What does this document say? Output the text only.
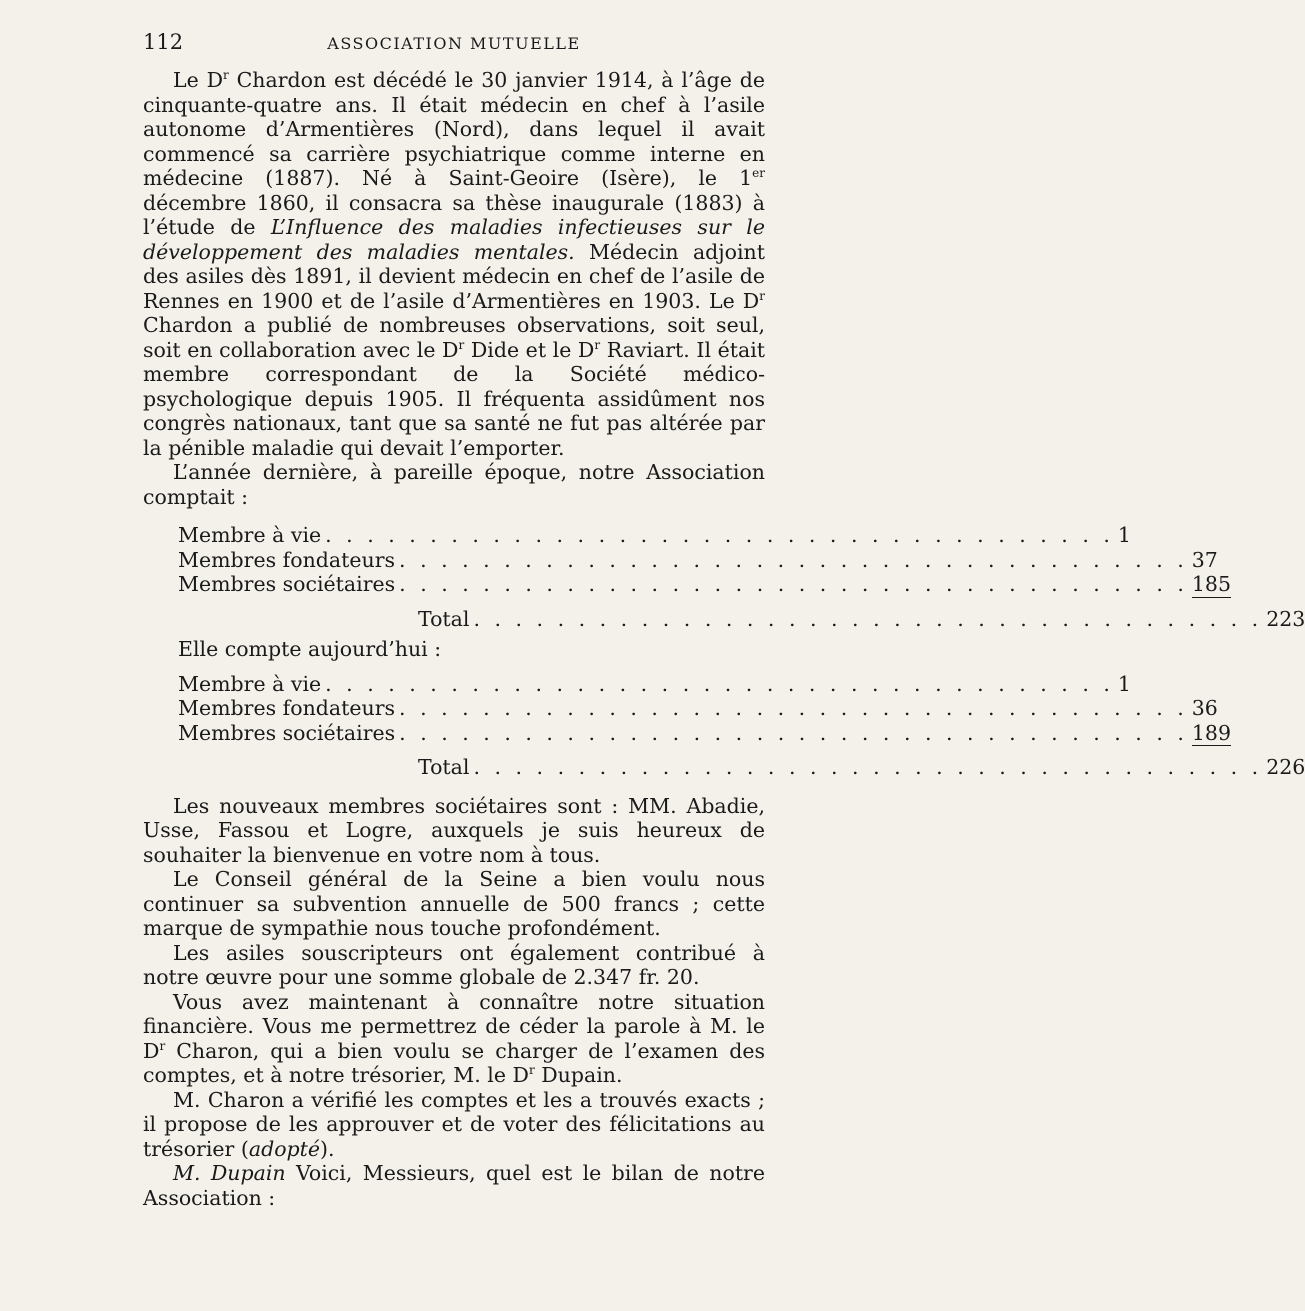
112	ASSOCIATION MUTUELLE

Le $D^r$ Chardon est décédé le 30 janvier 1914, à l’âge de cinquante-quatre ans. Il était médecin en chef à l’asile autonome d’Armentières (Nord), dans lequel il avait commencé sa carrière psychiatrique comme interne en médecine (1887). Né à Saint-Geoire (Isère), le 1er décembre 1860, il consacra sa thèse inaugurale (1883) à l’étude de L’Influence des maladies infectieuses sur le développement des maladies mentales. Médecin adjoint des asiles dès 1891, il devient médecin en chef de l’asile de Rennes en 1900 et de l’asile d’Armentières en 1903. Le $D^r$ Chardon a publié de nombreuses observations, soit seul, soit en collaboration avec le $D^r$ Dide et le $D^r$ Raviart. Il était membre correspondant de la Société médico-psychologique depuis 1905. Il fréquenta assidûment nos congrès nationaux, tant que sa santé ne fut pas altérée par la pénible maladie qui devait l’emporter.

L’année dernière, à pareille époque, notre Association comptait :

Membre à vie . . . . . . . . . . . . . . . . . . . . . . . . . . . . . . . . . . . . . . 1
Membres fondateurs . . . . . . . . . . . . . . . . . . . . . . . . . . . . . . . . . . . . . . 37
Membres sociétaires . . . . . . . . . . . . . . . . . . . . . . . . . . . . . . . . . . . . . . 185
Total . . . . . . . . . . . . . . . . . . . . . . . . . . . . . . . . . . . . . . 223
Elle compte aujourd’hui :
Membre à vie . . . . . . . . . . . . . . . . . . . . . . . . . . . . . . . . . . . . . . 1
Membres fondateurs . . . . . . . . . . . . . . . . . . . . . . . . . . . . . . . . . . . . . . 36
Membres sociétaires . . . . . . . . . . . . . . . . . . . . . . . . . . . . . . . . . . . . . . 189
Total . . . . . . . . . . . . . . . . . . . . . . . . . . . . . . . . . . . . . . 226

Les nouveaux membres sociétaires sont : MM. Abadie, Usse, Fassou et Logre, auxquels je suis heureux de souhaiter la bienvenue en votre nom à tous.

Le Conseil général de la Seine a bien voulu nous continuer sa subvention annuelle de 500 francs ; cette marque de sympathie nous touche profondément.

Les asiles souscripteurs ont également contribué à notre œuvre pour une somme globale de 2.347 fr. 20.

Vous avez maintenant à connaître notre situation financière. Vous me permettrez de céder la parole à M. le $D^r$ Charon, qui a bien voulu se charger de l’examen des comptes, et à notre trésorier, M. le $D^r$ Dupain.

M. Charon a vérifié les comptes et les a trouvés exacts ; il propose de les approuver et de voter des félicitations au trésorier (adopté).

M. Dupain Voici, Messieurs, quel est le bilan de notre Association :
